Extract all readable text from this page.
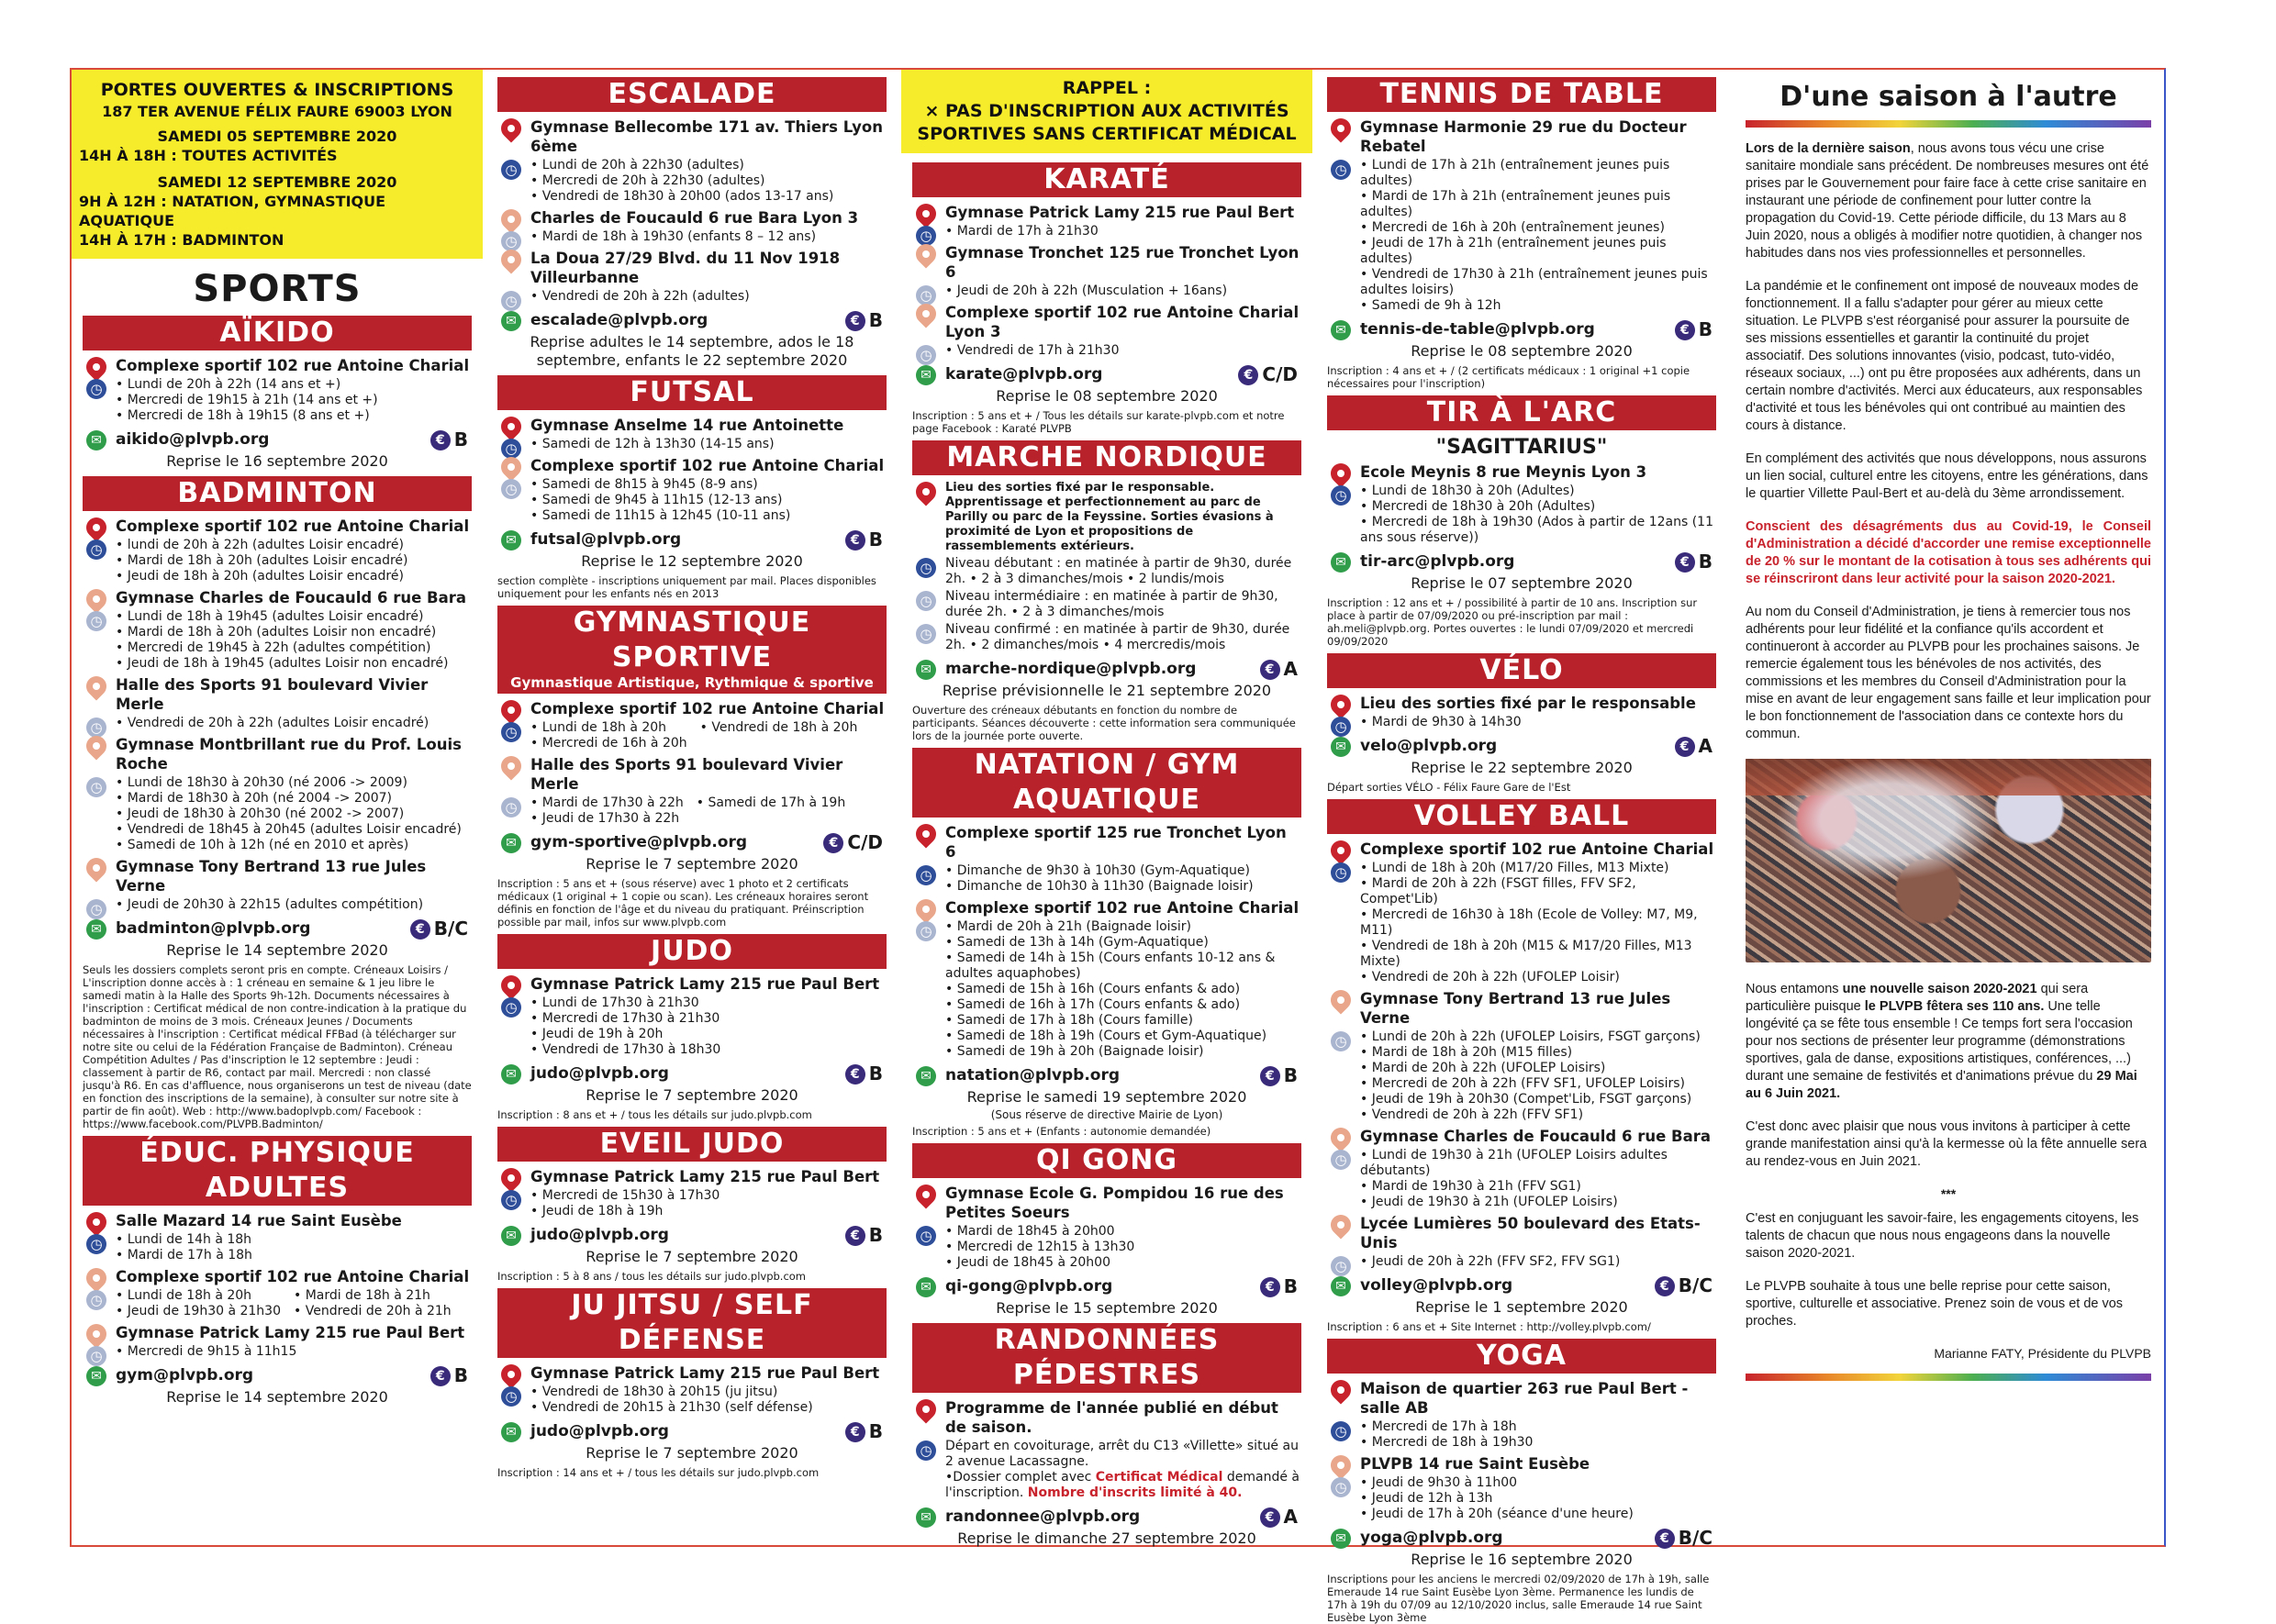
PORTES OUVERTES & INSCRIPTIONS
187 TER AVENUE FÉLIX FAURE 69003 LYON
SAMEDI 05 SEPTEMBRE 2020
14H À 18H : TOUTES ACTIVITÉS
SAMEDI 12 SEPTEMBRE 2020
9H À 12H : NATATION, GYMNASTIQUE AQUATIQUE
14H À 17H : BADMINTON
SPORTS
AÏKIDO
Complexe sportif 102 rue Antoine Charial
◷	• Lundi de 20h à 22h (14 ans et +)
• Mercredi de 19h15 à 21h (14 ans et +)
• Mercredi de 18h à 19h15 (8 ans et +)
✉ aikido@plvpb.org	€ B
Reprise le 16 septembre 2020
BADMINTON
Complexe sportif 102 rue Antoine Charial
◷	• lundi de 20h à 22h (adultes Loisir encadré)
• Mardi de 18h à 20h (adultes Loisir encadré)
• Jeudi de 18h à 20h (adultes Loisir encadré)
Gymnase Charles de Foucauld 6 rue Bara
◷	• Lundi de 18h à 19h45 (adultes Loisir encadré)
• Mardi de 18h à 20h (adultes Loisir non encadré)
• Mercredi de 19h45 à 22h (adultes compétition)
• Jeudi de 18h à 19h45 (adultes Loisir non encadré)
Halle des Sports 91 boulevard Vivier Merle
◷	• Vendredi de 20h à 22h (adultes Loisir encadré)
Gymnase Montbrillant rue du Prof. Louis Roche
◷	• Lundi de 18h30 à 20h30 (né 2006 -> 2009)
• Mardi de 18h30 à 20h (né 2004 -> 2007)
• Jeudi de 18h30 à 20h30 (né 2002 -> 2007)
• Vendredi de 18h45 à 20h45 (adultes Loisir encadré)
• Samedi de 10h à 12h (né en 2010 et après)
Gymnase Tony Bertrand 13 rue Jules Verne
◷	• Jeudi de 20h30 à 22h15 (adultes compétition)
✉ badminton@plvpb.org	€ B/C
Reprise le 14 septembre 2020
Seuls les dossiers complets seront pris en compte. Créneaux Loisirs / L'inscription donne accès à : 1 créneau en semaine & 1 jeu libre le samedi matin à la Halle des Sports 9h-12h. Documents nécessaires à l'inscription : Certificat médical de non contre-indication à la pratique du badminton de moins de 3 mois. Créneaux Jeunes / Documents nécessaires à l'inscription : Certificat médical FFBad (à télécharger sur notre site ou celui de la Fédération Française de Badminton). Créneau Compétition Adultes / Pas d'inscription le 12 septembre : Jeudi : classement à partir de R6, contact par mail. Mercredi : non classé jusqu'à R6. En cas d'affluence, nous organiserons un test de niveau (date en fonction des inscriptions de la semaine), à consulter sur notre site à partir de fin août). Web : http://www.badoplvpb.com/ Facebook : https://www.facebook.com/PLVPB.Badminton/
ÉDUC. PHYSIQUE ADULTES
Salle Mazard 14 rue Saint Eusèbe
◷	• Lundi de 14h à 18h
• Mardi de 17h à 18h
Complexe sportif 102 rue Antoine Charial
◷	• Lundi de 18h à 20h
• Jeudi de 19h30 à 21h30
• Mardi de 18h à 21h
• Vendredi de 20h à 21h
Gymnase Patrick Lamy 215 rue Paul Bert
◷	• Mercredi de 9h15 à 11h15
✉ gym@plvpb.org	€ B
Reprise le 14 septembre 2020
ESCALADE
Gymnase Bellecombe 171 av. Thiers Lyon 6ème
◷	• Lundi de 20h à 22h30 (adultes)
• Mercredi de 20h à 22h30 (adultes)
• Vendredi de 18h30 à 20h00 (ados 13-17 ans)
Charles de Foucauld 6 rue Bara Lyon 3
◷	• Mardi de 18h à 19h30 (enfants 8 – 12 ans)
La Doua 27/29 Blvd. du 11 Nov 1918 Villeurbanne
◷	• Vendredi de 20h à 22h (adultes)
✉ escalade@plvpb.org	€ B
Reprise adultes le 14 septembre, ados le 18 septembre, enfants le 22 septembre 2020
FUTSAL
Gymnase Anselme 14 rue Antoinette
◷	• Samedi de 12h à 13h30 (14-15 ans)
Complexe sportif 102 rue Antoine Charial
◷	• Samedi de 8h15 à 9h45 (8-9 ans)
• Samedi de 9h45 à 11h15 (12-13 ans)
• Samedi de 11h15 à 12h45 (10-11 ans)
✉ futsal@plvpb.org	€ B
Reprise le 12 septembre 2020
section complète - inscriptions uniquement par mail. Places disponibles uniquement pour les enfants nés en 2013
GYMNASTIQUE SPORTIVE
Gymnastique Artistique, Rythmique & sportive
Complexe sportif 102 rue Antoine Charial
◷	• Lundi de 18h à 20h
• Mercredi de 16h à 20h
• Vendredi de 18h à 20h
Halle des Sports 91 boulevard Vivier Merle
◷	• Mardi de 17h30 à 22h
• Jeudi de 17h30 à 22h
• Samedi de 17h à 19h
✉ gym-sportive@plvpb.org	€ C/D
Reprise le 7 septembre 2020
Inscription : 5 ans et + (sous réserve) avec 1 photo et 2 certificats médicaux (1 original + 1 copie ou scan). Les créneaux horaires seront définis en fonction de l'âge et du niveau du pratiquant. Préinscription possible par mail, infos sur www.plvpb.com
JUDO
Gymnase Patrick Lamy 215 rue Paul Bert
◷	• Lundi de 17h30 à 21h30
• Mercredi de 17h30 à 21h30
• Jeudi de 19h à 20h
• Vendredi de 17h30 à 18h30
✉ judo@plvpb.org	€ B
Reprise le 7 septembre 2020
Inscription : 8 ans et + / tous les détails sur judo.plvpb.com
EVEIL JUDO
Gymnase Patrick Lamy 215 rue Paul Bert
◷	• Mercredi de 15h30 à 17h30
• Jeudi de 18h à 19h
✉ judo@plvpb.org	€ B
Reprise le 7 septembre 2020
Inscription : 5 à 8 ans / tous les détails sur judo.plvpb.com
JU JITSU / SELF DÉFENSE
Gymnase Patrick Lamy 215 rue Paul Bert
◷	• Vendredi de 18h30 à 20h15 (ju jitsu)
• Vendredi de 20h15 à 21h30 (self défense)
✉ judo@plvpb.org	€ B
Reprise le 7 septembre 2020
Inscription : 14 ans et + / tous les détails sur judo.plvpb.com
RAPPEL :
× PAS D'INSCRIPTION AUX ACTIVITÉS
SPORTIVES SANS CERTIFICAT MÉDICAL
KARATÉ
Gymnase Patrick Lamy 215 rue Paul Bert
◷	• Mardi de 17h à 21h30
Gymnase Tronchet 125 rue Tronchet Lyon 6
◷	• Jeudi de 20h à 22h (Musculation + 16ans)
Complexe sportif 102 rue Antoine Charial Lyon 3
◷	• Vendredi de 17h à 21h30
✉ karate@plvpb.org	€ C/D
Reprise le 08 septembre 2020
Inscription : 5 ans et + / Tous les détails sur karate-plvpb.com et notre page Facebook : Karaté PLVPB
MARCHE NORDIQUE
Lieu des sorties fixé par le responsable. Apprentissage et perfectionnement au parc de Parilly ou parc de la Feyssine. Sorties évasions à proximité de Lyon et propositions de rassemblements extérieurs.
◷	Niveau débutant : en matinée à partir de 9h30, durée 2h. • 2 à 3 dimanches/mois • 2 lundis/mois
◷	Niveau intermédiaire : en matinée à partir de 9h30, durée 2h. • 2 à 3 dimanches/mois
◷	Niveau confirmé : en matinée à partir de 9h30, durée 2h. • 2 dimanches/mois • 4 mercredis/mois
✉ marche-nordique@plvpb.org	€ A
Reprise prévisionnelle le 21 septembre 2020
Ouverture des créneaux débutants en fonction du nombre de participants. Séances découverte : cette information sera communiquée lors de la journée porte ouverte.
NATATION / GYM AQUATIQUE
Complexe sportif 125 rue Tronchet Lyon 6
◷	• Dimanche de 9h30 à 10h30 (Gym-Aquatique)
• Dimanche de 10h30 à 11h30 (Baignade loisir)
Complexe sportif 102 rue Antoine Charial
◷	• Mardi de 20h à 21h (Baignade loisir)
• Samedi de 13h à 14h (Gym-Aquatique)
• Samedi de 14h à 15h (Cours enfants 10-12 ans & adultes aquaphobes)
• Samedi de 15h à 16h (Cours enfants & ado)
• Samedi de 16h à 17h (Cours enfants & ado)
• Samedi de 17h à 18h (Cours famille)
• Samedi de 18h à 19h (Cours et Gym-Aquatique)
• Samedi de 19h à 20h (Baignade loisir)
✉ natation@plvpb.org	€ B
Reprise le samedi 19 septembre 2020
(Sous réserve de directive Mairie de Lyon)
Inscription : 5 ans et + (Enfants : autonomie demandée)
QI GONG
Gymnase Ecole G. Pompidou 16 rue des Petites Soeurs
◷	• Mardi de 18h45 à 20h00
• Mercredi de 12h15 à 13h30
• Jeudi de 18h45 à 20h00
✉ qi-gong@plvpb.org	€ B
Reprise le 15 septembre 2020
RANDONNÉES PÉDESTRES
Programme de l'année publié en début de saison.
◷	Départ en covoiturage, arrêt du C13 «Villette» situé au 2 avenue Lacassagne.
•Dossier complet avec Certificat Médical demandé à l'inscription. Nombre d'inscrits limité à 40.
✉ randonnee@plvpb.org	€ A
Reprise le dimanche 27 septembre 2020
TENNIS DE TABLE
Gymnase Harmonie 29 rue du Docteur Rebatel
◷	• Lundi de 17h à 21h (entraînement jeunes puis adultes)
• Mardi de 17h à 21h (entraînement jeunes puis adultes)
• Mercredi de 16h à 20h (entraînement jeunes)
• Jeudi de 17h à 21h (entraînement jeunes puis adultes)
• Vendredi de 17h30 à 21h (entraînement jeunes puis adultes loisirs)
• Samedi de 9h à 12h
✉ tennis-de-table@plvpb.org	€ B
Reprise le 08 septembre 2020
Inscription : 4 ans et + / (2 certificats médicaux : 1 original +1 copie nécessaires pour l'inscription)
TIR À L'ARC
"SAGITTARIUS"
Ecole Meynis 8 rue Meynis Lyon 3
◷	• Lundi de 18h30 à 20h (Adultes)
• Mercredi de 18h30 à 20h (Adultes)
• Mercredi de 18h à 19h30 (Ados à partir de 12ans (11 ans sous réserve))
✉ tir-arc@plvpb.org	€ B
Reprise le 07 septembre 2020
Inscription : 12 ans et + / possibilité à partir de 10 ans. Inscription sur place à partir de 07/09/2020 ou pré-inscription par mail : ah.meli@plvpb.org. Portes ouvertes : le lundi 07/09/2020 et mercredi 09/09/2020
VÉLO
Lieu des sorties fixé par le responsable
◷	• Mardi de 9h30 à 14h30
✉ velo@plvpb.org	€ A
Reprise le 22 septembre 2020
Départ sorties VÉLO - Félix Faure Gare de l'Est
VOLLEY BALL
Complexe sportif 102 rue Antoine Charial
◷	• Lundi de 18h à 20h (M17/20 Filles, M13 Mixte)
• Mardi de 20h à 22h (FSGT filles, FFV SF2, Compet'Lib)
• Mercredi de 16h30 à 18h (Ecole de Volley: M7, M9, M11)
• Vendredi de 18h à 20h (M15 & M17/20 Filles, M13 Mixte)
• Vendredi de 20h à 22h (UFOLEP Loisir)
Gymnase Tony Bertrand 13 rue Jules Verne
◷	• Lundi de 20h à 22h (UFOLEP Loisirs, FSGT garçons)
• Mardi de 18h à 20h (M15 filles)
• Mardi de 20h à 22h (UFOLEP Loisirs)
• Mercredi de 20h à 22h (FFV SF1, UFOLEP Loisirs)
• Jeudi de 19h à 20h30 (Compet'Lib, FSGT garçons)
• Vendredi de 20h à 22h (FFV SF1)
Gymnase Charles de Foucauld 6 rue Bara
◷	• Lundi de 19h30 à 21h (UFOLEP Loisirs adultes débutants)
• Mardi de 19h30 à 21h (FFV SG1)
• Jeudi de 19h30 à 21h (UFOLEP Loisirs)
Lycée Lumières 50 boulevard des Etats-Unis
◷	• Jeudi de 20h à 22h (FFV SF2, FFV SG1)
✉ volley@plvpb.org	€ B/C
Reprise le 1 septembre 2020
Inscription : 6 ans et + Site Internet : http://volley.plvpb.com/
YOGA
Maison de quartier 263 rue Paul Bert - salle AB
◷	• Mercredi de 17h à 18h
• Mercredi de 18h à 19h30
PLVPB 14 rue Saint Eusèbe
◷	• Jeudi de 9h30 à 11h00
• Jeudi de 12h à 13h
• Jeudi de 17h à 20h (séance d'une heure)
✉ yoga@plvpb.org	€ B/C
Reprise le 16 septembre 2020
Inscriptions pour les anciens le mercredi 02/09/2020 de 17h à 19h, salle Emeraude 14 rue Saint Eusèbe Lyon 3ème. Permanence les lundis de 17h à 19h du 07/09 au 12/10/2020 inclus, salle Emeraude 14 rue Saint Eusèbe Lyon 3ème
D'une saison à l'autre
Lors de la dernière saison, nous avons tous vécu une crise sanitaire mondiale sans précédent. De nombreuses mesures ont été prises par le Gouvernement pour faire face à cette crise sanitaire en instaurant une période de confinement pour lutter contre la propagation du Covid-19. Cette période difficile, du 13 Mars au 8 Juin 2020, nous a obligés à modifier notre quotidien, à changer nos habitudes dans nos vies professionnelles et personnelles.
La pandémie et le confinement ont imposé de nouveaux modes de fonctionnement. Il a fallu s'adapter pour gérer au mieux cette situation. Le PLVPB s'est réorganisé pour assurer la poursuite de ses missions essentielles et garantir la continuité du projet associatif. Des solutions innovantes (visio, podcast, tuto-vidéo, réseaux sociaux, ...) ont pu être proposées aux adhérents, dans un certain nombre d'activités. Merci aux éducateurs, aux responsables d'activité et tous les bénévoles qui ont contribué au maintien des cours à distance.
En complément des activités que nous développons, nous assurons un lien social, culturel entre les citoyens, entre les générations, dans le quartier Villette Paul-Bert et au-delà du 3ème arrondissement.
Conscient des désagréments dus au Covid-19, le Conseil d'Administration a décidé d'accorder une remise exceptionnelle de 20 % sur le montant de la cotisation à tous ses adhérents qui se réinscriront dans leur activité pour la saison 2020-2021.
Au nom du Conseil d'Administration, je tiens à remercier tous nos adhérents pour leur fidélité et la confiance qu'ils accordent et continueront à accorder au PLVPB pour les prochaines saisons. Je remercie également tous les bénévoles de nos activités, des commissions et les membres du Conseil d'Administration pour la mise en avant de leur engagement sans faille et leur implication pour le bon fonctionnement de l'association dans ce contexte hors du commun.
Nous entamons une nouvelle saison 2020-2021 qui sera particulière puisque le PLVPB fêtera ses 110 ans. Une telle longévité ça se fête tous ensemble ! Ce temps fort sera l'occasion pour nos sections de présenter leur programme (démonstrations sportives, gala de danse, expositions artistiques, conférences, ...) durant une semaine de festivités et d'animations prévue du 29 Mai au 6 Juin 2021.
C'est donc avec plaisir que nous vous invitons à participer à cette grande manifestation ainsi qu'à la kermesse où la fête annuelle sera au rendez-vous en Juin 2021.
***
C'est en conjuguant les savoir-faire, les engagements citoyens, les talents de chacun que nous nous engageons dans la nouvelle saison 2020-2021.
Le PLVPB souhaite à tous une belle reprise pour cette saison, sportive, culturelle et associative. Prenez soin de vous et de vos proches.
Marianne FATY, Présidente du PLVPB
